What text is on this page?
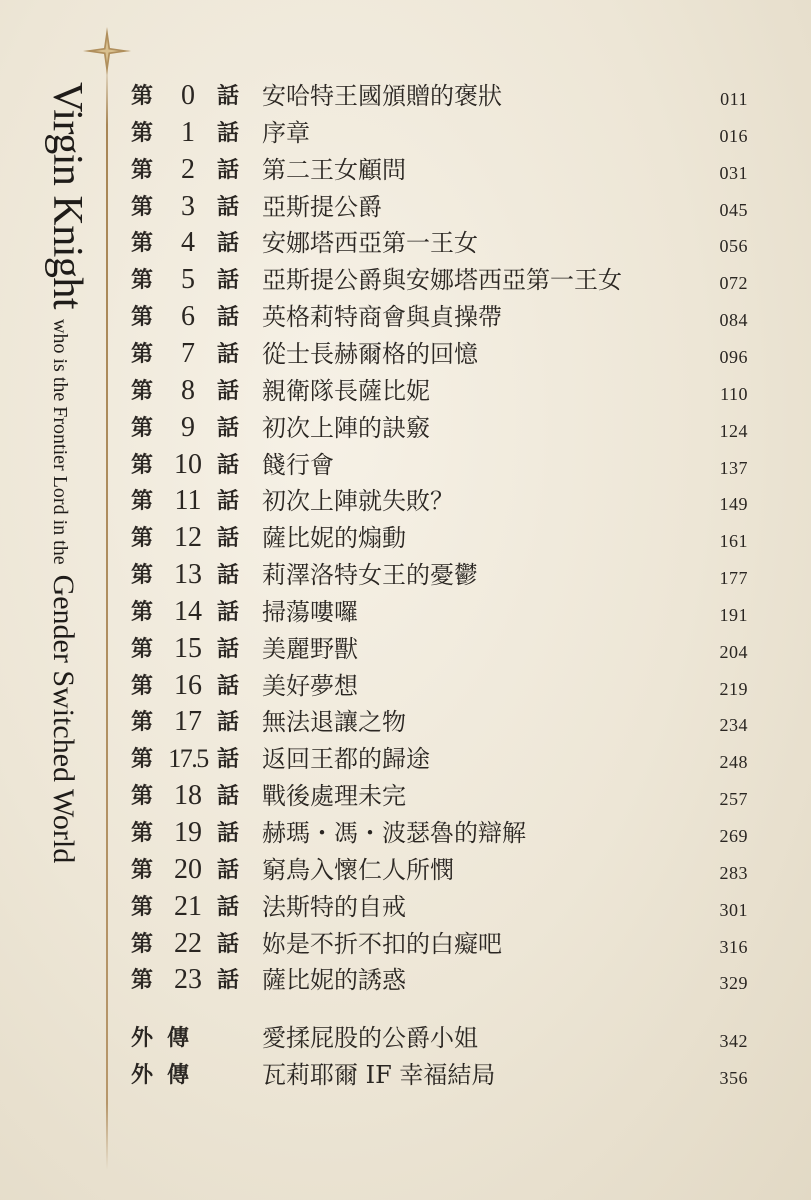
Virgin Knight
who is the Frontier Lord in the
Gender Switched World
第 0	話 安哈特王國頒贈的褒狀	011
第 1	話 序章	016
第 2	話 第二王女顧問	031
第 3	話 亞斯提公爵	045
第 4	話 安娜塔西亞第一王女	056
第 5	話 亞斯提公爵與安娜塔西亞第一王女	072
第 6	話 英格莉特商會與貞操帶	084
第 7	話 從士長赫爾格的回憶	096
第 8	話 親衛隊長薩比妮	110
第 9	話 初次上陣的訣竅	124
第 10 話 餞行會	137
第 11 話 初次上陣就失敗？	149
第 12 話 薩比妮的煽動	161
第 13 話 莉澤洛特女王的憂鬱	177
第 14 話 掃蕩嘍囉	191
第 15 話 美麗野獸	204
第 16 話 美好夢想	219
第 17 話 無法退讓之物	234
第 17.5 話 返回王都的歸途	248
第 18 話 戰後處理未完	257
第 19 話 赫瑪・馮・波瑟魯的辯解	269
第 20 話 窮鳥入懷仁人所憫	283
第 21 話 法斯特的自戒	301
第 22 話 妳是不折不扣的白癡吧	316
第 23 話 薩比妮的誘惑	329
外傳 愛揉屁股的公爵小姐	342
外傳 瓦莉耶爾 IF 幸福結局	356
